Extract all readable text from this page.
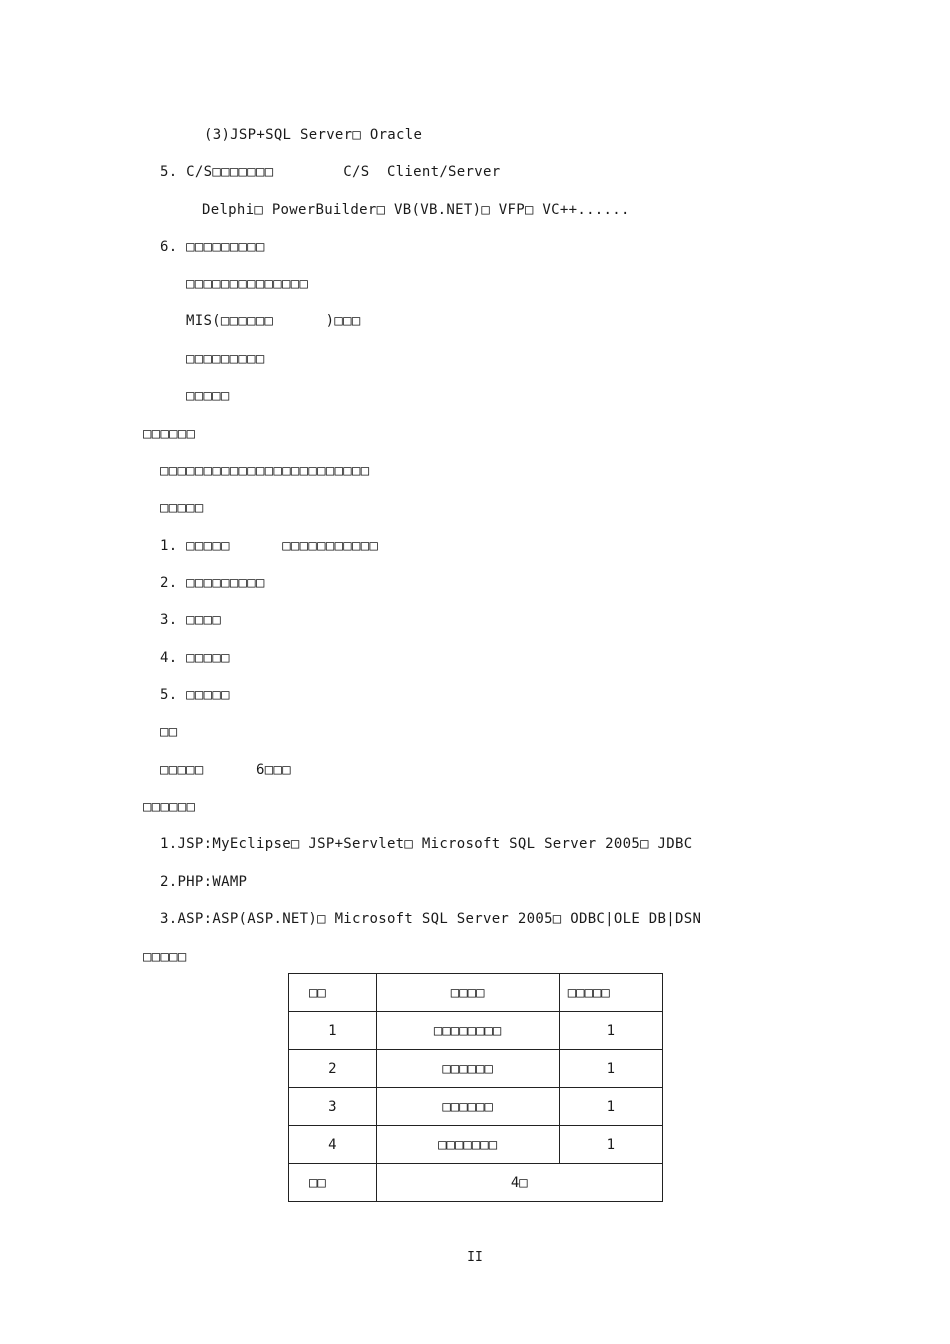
(3)JSP+SQL Server□ Oracle
5. C/S□□□□□□□        C/S  Client/Server
Delphi□ PowerBuilder□ VB(VB.NET)□ VFP□ VC++......
6. □□□□□□□□□
□□□□□□□□□□□□□□
MIS(□□□□□□      )□□□
□□□□□□□□□
□□□□□
□□□□□□
□□□□□□□□□□□□□□□□□□□□□□□□
□□□□□
1. □□□□□      □□□□□□□□□□□
2. □□□□□□□□□
3. □□□□
4. □□□□□
5. □□□□□
□□
□□□□□      6□□□
□□□□□□
1.JSP:MyEclipse□ JSP+Servlet□ Microsoft SQL Server 2005□ JDBC
2.PHP:WAMP
3.ASP:ASP(ASP.NET)□ Microsoft SQL Server 2005□ ODBC|OLE DB|DSN
□□□□□
□□	□□□□	□□□□□
1	□□□□□□□□	1
2	□□□□□□	1
3	□□□□□□	1
4	□□□□□□□	1
□□	4□	
II
